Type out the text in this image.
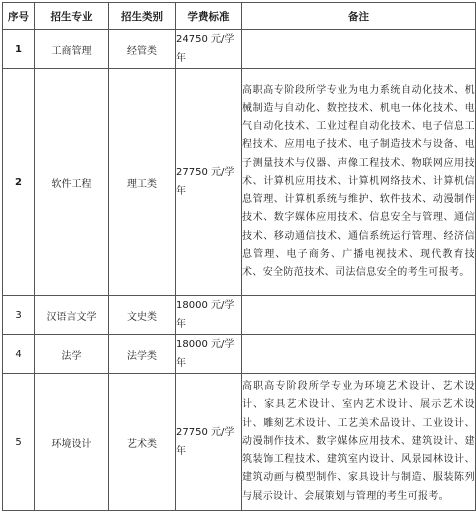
序号	招生专业	招生类别	学费标准	备注
1	工商管理	经管类	24750 元/学年	
2	软件工程	理工类	27750 元/学年	高职高专阶段所学专业为电力系统自动化技术、机械制造与自动化、数控技术、机电一体化技术、电气自动化技术、工业过程自动化技术、电子信息工程技术、应用电子技术、电子制造技术与设备、电子测量技术与仪器、声像工程技术、物联网应用技术、计算机应用技术、计算机网络技术、计算机信息管理、计算机系统与维护、软件技术、动漫制作技术、数字媒体应用技术、信息安全与管理、通信技术、移动通信技术、通信系统运行管理、经济信息管理、电子商务、广播电视技术、现代教育技术、安全防范技术、司法信息安全的考生可报考。
3	汉语言文学	文史类	18000 元/学年	
4	法学	法学类	18000 元/学年	
5	环境设计	艺术类	27750 元/学年	高职高专阶段所学专业为环境艺术设计、艺术设计、家具艺术设计、室内艺术设计、展示艺术设计、雕刻艺术设计、工艺美术品设计、工业设计、动漫制作技术、数字媒体应用技术、建筑设计、建筑装饰工程技术、建筑室内设计、风景园林设计、建筑动画与模型制作、家具设计与制造、服装陈列与展示设计、会展策划与管理的考生可报考。
